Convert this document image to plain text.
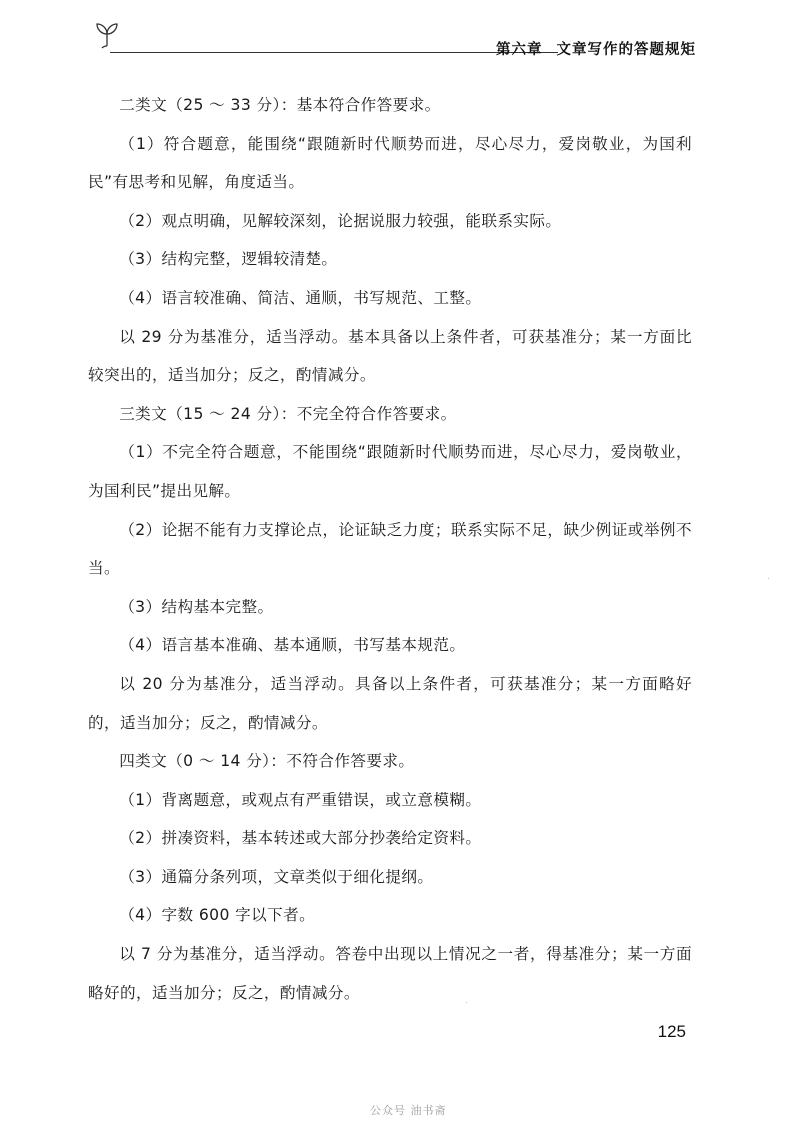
第六章 文章写作的答题规矩

二类文（25 ～ 33 分）：基本符合作答要求。

（1）符合题意，能围绕“跟随新时代顺势而进，尽心尽力，爱岗敬业，为国利民”有思考和见解，角度适当。

（2）观点明确，见解较深刻，论据说服力较强，能联系实际。

（3）结构完整，逻辑较清楚。

（4）语言较准确、简洁、通顺，书写规范、工整。

以 29 分为基准分，适当浮动。基本具备以上条件者，可获基准分；某一方面比较突出的，适当加分；反之，酌情减分。

三类文（15 ～ 24 分）：不完全符合作答要求。

（1）不完全符合题意，不能围绕“跟随新时代顺势而进，尽心尽力，爱岗敬业，为国利民”提出见解。

（2）论据不能有力支撑论点，论证缺乏力度；联系实际不足，缺少例证或举例不当。

（3）结构基本完整。

（4）语言基本准确、基本通顺，书写基本规范。

以 20 分为基准分，适当浮动。具备以上条件者，可获基准分；某一方面略好的，适当加分；反之，酌情减分。

四类文（0 ～ 14 分）：不符合作答要求。

（1）背离题意，或观点有严重错误，或立意模糊。

（2）拼凑资料，基本转述或大部分抄袭给定资料。

（3）通篇分条列项，文章类似于细化提纲。

（4）字数 600 字以下者。

以 7 分为基准分，适当浮动。答卷中出现以上情况之一者，得基准分；某一方面略好的，适当加分；反之，酌情减分。

125
公众号 油书斋
